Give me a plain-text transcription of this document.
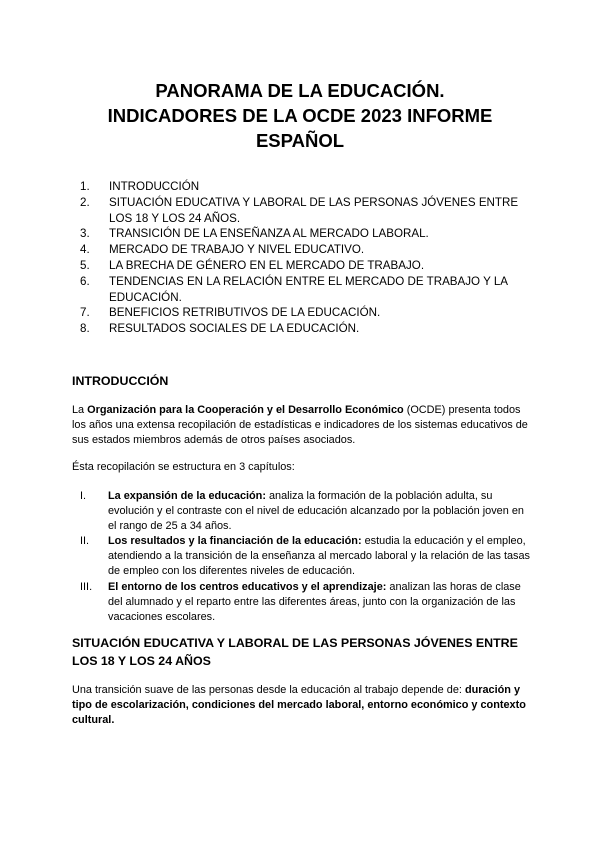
PANORAMA DE LA EDUCACIÓN.
INDICADORES DE LA OCDE 2023 INFORME
ESPAÑOL
1.	INTRODUCCIÓN
2.	SITUACIÓN EDUCATIVA Y LABORAL DE LAS PERSONAS JÓVENES ENTRE LOS 18 Y LOS 24 AÑOS.
3.	TRANSICIÓN DE LA ENSEÑANZA AL MERCADO LABORAL.
4.	MERCADO DE TRABAJO Y NIVEL EDUCATIVO.
5.	LA BRECHA DE GÉNERO EN EL MERCADO DE TRABAJO.
6.	TENDENCIAS EN LA RELACIÓN ENTRE EL MERCADO DE TRABAJO Y LA EDUCACIÓN.
7.	BENEFICIOS RETRIBUTIVOS DE LA EDUCACIÓN.
8.	RESULTADOS SOCIALES DE LA EDUCACIÓN.
INTRODUCCIÓN
La Organización para la Cooperación y el Desarrollo Económico (OCDE) presenta todos los años una extensa recopilación de estadísticas e indicadores de los sistemas educativos de sus estados miembros además de otros países asociados.
Ésta recopilación se estructura en 3 capítulos:
I.	La expansión de la educación: analiza la formación de la población adulta, su evolución y el contraste con el nivel de educación alcanzado por la población joven en el rango de 25 a 34 años.
II.	Los resultados y la financiación de la educación: estudia la educación y el empleo, atendiendo a la transición de la enseñanza al mercado laboral y la relación de las tasas de empleo con los diferentes niveles de educación.
III.	El entorno de los centros educativos y el aprendizaje: analizan las horas de clase del alumnado y el reparto entre las diferentes áreas, junto con la organización de las vacaciones escolares.
SITUACIÓN EDUCATIVA Y LABORAL DE LAS PERSONAS JÓVENES ENTRE LOS 18 Y LOS 24 AÑOS
Una transición suave de las personas desde la educación al trabajo depende de: duración y tipo de escolarización, condiciones del mercado laboral, entorno económico y contexto cultural.
